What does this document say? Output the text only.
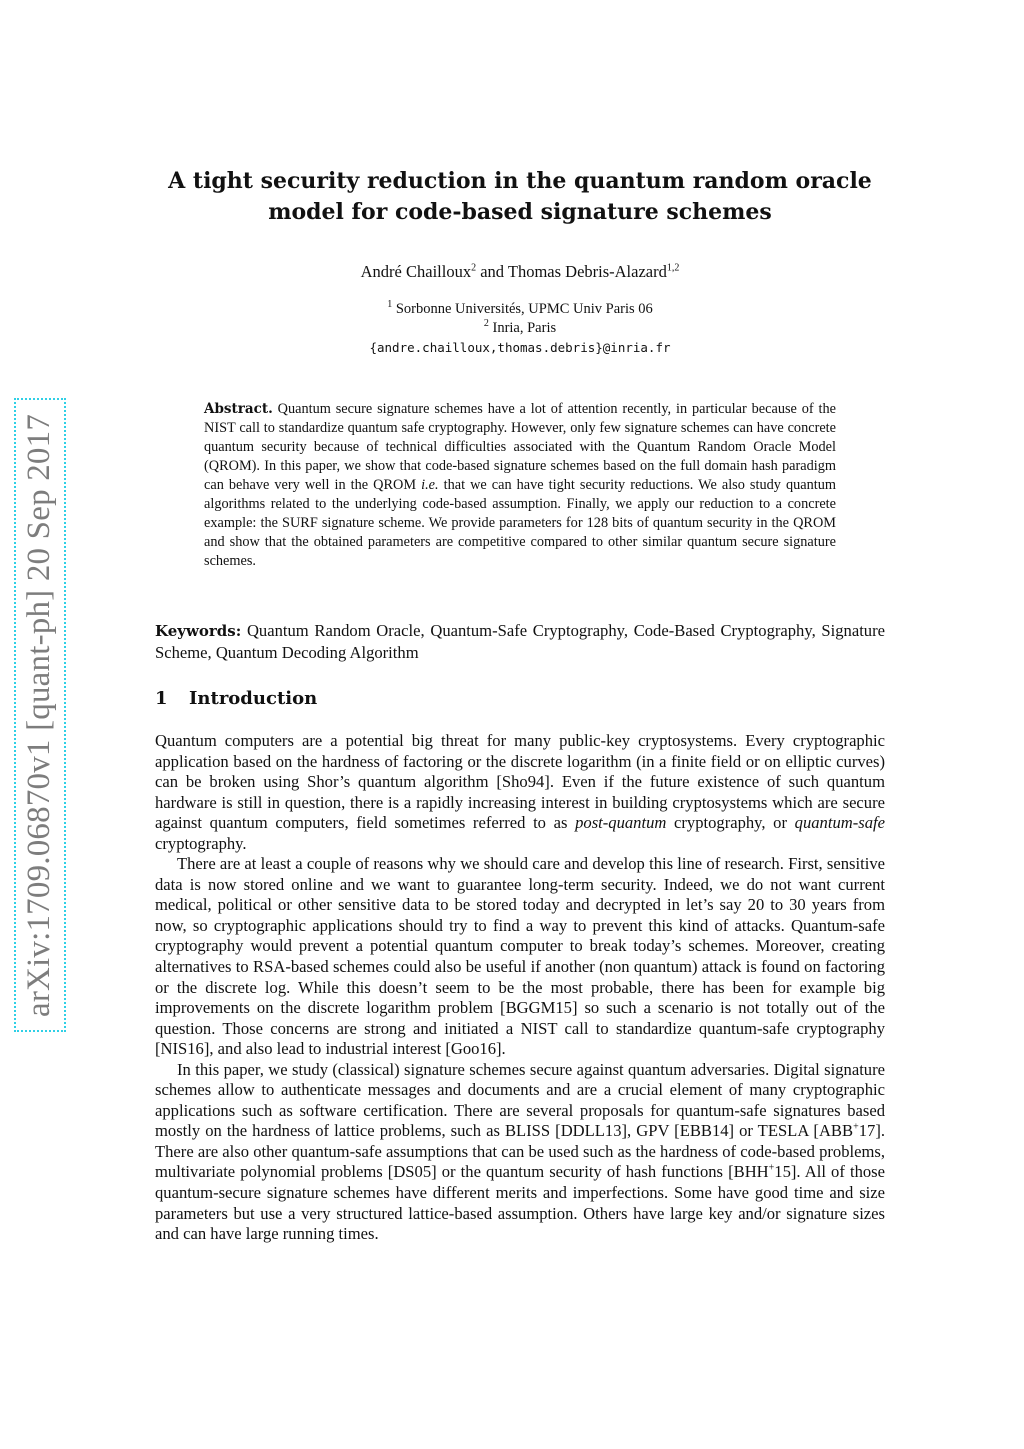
arXiv:1709.06870v1 [quant-ph] 20 Sep 2017
A tight security reduction in the quantum random oracle
model for code-based signature schemes
André Chailloux$^2$ and Thomas Debris-Alazard$^{1,2}$
$^1$ Sorbonne Universités, UPMC Univ Paris 06
$^2$ Inria, Paris
{andre.chailloux,thomas.debris}@inria.fr
Abstract. Quantum secure signature schemes have a lot of attention recently, in particular because of the NIST call to standardize quantum safe cryptography. However, only few signature schemes can have concrete quantum security because of technical difficulties associated with the Quantum Random Oracle Model (QROM). In this paper, we show that code-based signature schemes based on the full domain hash paradigm can behave very well in the QROM i.e. that we can have tight security reductions. We also study quantum algorithms related to the underlying code-based assumption. Finally, we apply our reduction to a concrete example: the SURF signature scheme. We provide parameters for 128 bits of quantum security in the QROM and show that the obtained parameters are competitive compared to other similar quantum secure signature schemes.
Keywords: Quantum Random Oracle, Quantum-Safe Cryptography, Code-Based Cryptography, Signature Scheme, Quantum Decoding Algorithm
1 Introduction

Quantum computers are a potential big threat for many public-key cryptosystems. Every cryptographic application based on the hardness of factoring or the discrete logarithm (in a finite field or on elliptic curves) can be broken using Shor’s quantum algorithm [Sho94]. Even if the future existence of such quantum hardware is still in question, there is a rapidly increasing interest in building cryptosystems which are secure against quantum computers, field sometimes referred to as post-quantum cryptography, or quantum-safe cryptography.

There are at least a couple of reasons why we should care and develop this line of research. First, sensitive data is now stored online and we want to guarantee long-term security. Indeed, we do not want current medical, political or other sensitive data to be stored today and decrypted in let’s say 20 to 30 years from now, so cryptographic applications should try to find a way to prevent this kind of attacks. Quantum-safe cryptography would prevent a potential quantum computer to break today’s schemes. Moreover, creating alternatives to RSA-based schemes could also be useful if another (non quantum) attack is found on factoring or the discrete log. While this doesn’t seem to be the most probable, there has been for example big improvements on the discrete logarithm problem [BGGM15] so such a scenario is not totally out of the question. Those concerns are strong and initiated a NIST call to standardize quantum-safe cryptography [NIS16], and also lead to industrial interest [Goo16].

In this paper, we study (classical) signature schemes secure against quantum adversaries. Digital signature schemes allow to authenticate messages and documents and are a crucial element of many cryptographic applications such as software certification. There are several proposals for quantum-safe signatures based mostly on the hardness of lattice problems, such as BLISS [DDLL13], GPV [EBB14] or TESLA [ABB+17]. There are also other quantum-safe assumptions that can be used such as the hardness of code-based problems, multivariate polynomial problems [DS05] or the quantum security of hash functions [BHH+15]. All of those quantum-secure signature schemes have different merits and imperfections. Some have good time and size parameters but use a very structured lattice-based assumption. Others have large key and/or signature sizes and can have large running times.
